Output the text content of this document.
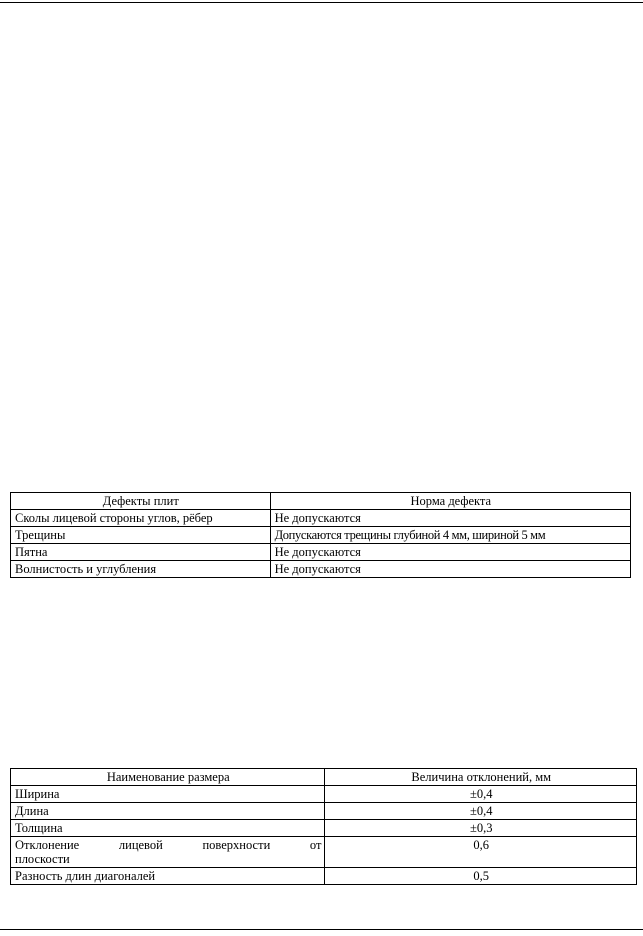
Дефекты плит	Норма дефекта
Сколы лицевой стороны углов, рёбер	Не допускаются
Трещины	Допускаются трещины глубиной 4 мм, шириной 5 мм
Пятна	Не допускаются
Волнистость и углубления	Не допускаются
Наименование размера	Величина отклонений, мм
Ширина	±0,4
Длина	±0,4
Толщина	±0,3
Отклонение лицевой поверхности от
плоскости	0,6
Разность длин диагоналей	0,5
